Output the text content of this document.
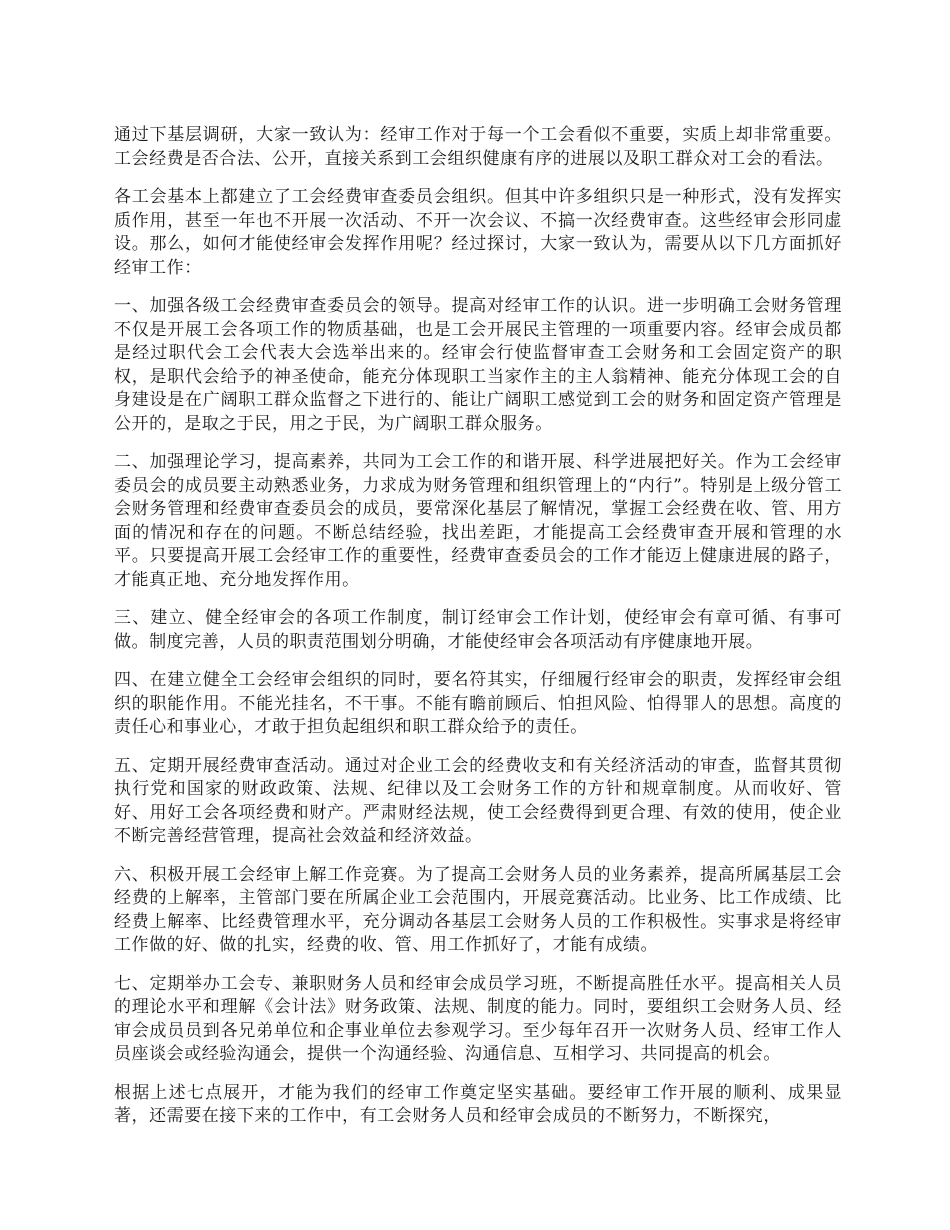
通过下基层调研，大家一致认为：经审工作对于每一个工会看似不重要，实质上却非常重要。工会经费是否合法、公开，直接关系到工会组织健康有序的进展以及职工群众对工会的看法。

各工会基本上都建立了工会经费审查委员会组织。但其中许多组织只是一种形式，没有发挥实质作用，甚至一年也不开展一次活动、不开一次会议、不搞一次经费审查。这些经审会形同虚设。那么，如何才能使经审会发挥作用呢？经过探讨，大家一致认为，需要从以下几方面抓好经审工作：

一、加强各级工会经费审查委员会的领导。提高对经审工作的认识。进一步明确工会财务管理不仅是开展工会各项工作的物质基础，也是工会开展民主管理的一项重要内容。经审会成员都是经过职代会工会代表大会选举出来的。经审会行使监督审查工会财务和工会固定资产的职权，是职代会给予的神圣使命，能充分体现职工当家作主的主人翁精神、能充分体现工会的自身建设是在广阔职工群众监督之下进行的、能让广阔职工感觉到工会的财务和固定资产管理是公开的，是取之于民，用之于民，为广阔职工群众服务。

二、加强理论学习，提高素养，共同为工会工作的和谐开展、科学进展把好关。作为工会经审委员会的成员要主动熟悉业务，力求成为财务管理和组织管理上的“内行”。特别是上级分管工会财务管理和经费审查委员会的成员，要常深化基层了解情况，掌握工会经费在收、管、用方面的情况和存在的问题。不断总结经验，找出差距，才能提高工会经费审查开展和管理的水平。只要提高开展工会经审工作的重要性，经费审查委员会的工作才能迈上健康进展的路子，才能真正地、充分地发挥作用。

三、建立、健全经审会的各项工作制度，制订经审会工作计划，使经审会有章可循、有事可做。制度完善，人员的职责范围划分明确，才能使经审会各项活动有序健康地开展。

四、在建立健全工会经审会组织的同时，要名符其实，仔细履行经审会的职责，发挥经审会组织的职能作用。不能光挂名，不干事。不能有瞻前顾后、怕担风险、怕得罪人的思想。高度的责任心和事业心，才敢于担负起组织和职工群众给予的责任。

五、定期开展经费审查活动。通过对企业工会的经费收支和有关经济活动的审查，监督其贯彻执行党和国家的财政政策、法规、纪律以及工会财务工作的方针和规章制度。从而收好、管好、用好工会各项经费和财产。严肃财经法规，使工会经费得到更合理、有效的使用，使企业不断完善经营管理，提高社会效益和经济效益。

六、积极开展工会经审上解工作竞赛。为了提高工会财务人员的业务素养，提高所属基层工会经费的上解率，主管部门要在所属企业工会范围内，开展竞赛活动。比业务、比工作成绩、比经费上解率、比经费管理水平，充分调动各基层工会财务人员的工作积极性。实事求是将经审工作做的好、做的扎实，经费的收、管、用工作抓好了，才能有成绩。

七、定期举办工会专、兼职财务人员和经审会成员学习班，不断提高胜任水平。提高相关人员的理论水平和理解《会计法》财务政策、法规、制度的能力。同时，要组织工会财务人员、经审会成员员到各兄弟单位和企事业单位去参观学习。至少每年召开一次财务人员、经审工作人员座谈会或经验沟通会，提供一个沟通经验、沟通信息、互相学习、共同提高的机会。

根据上述七点展开，才能为我们的经审工作奠定坚实基础。要经审工作开展的顺利、成果显著，还需要在接下来的工作中，有工会财务人员和经审会成员的不断努力，不断探究，
